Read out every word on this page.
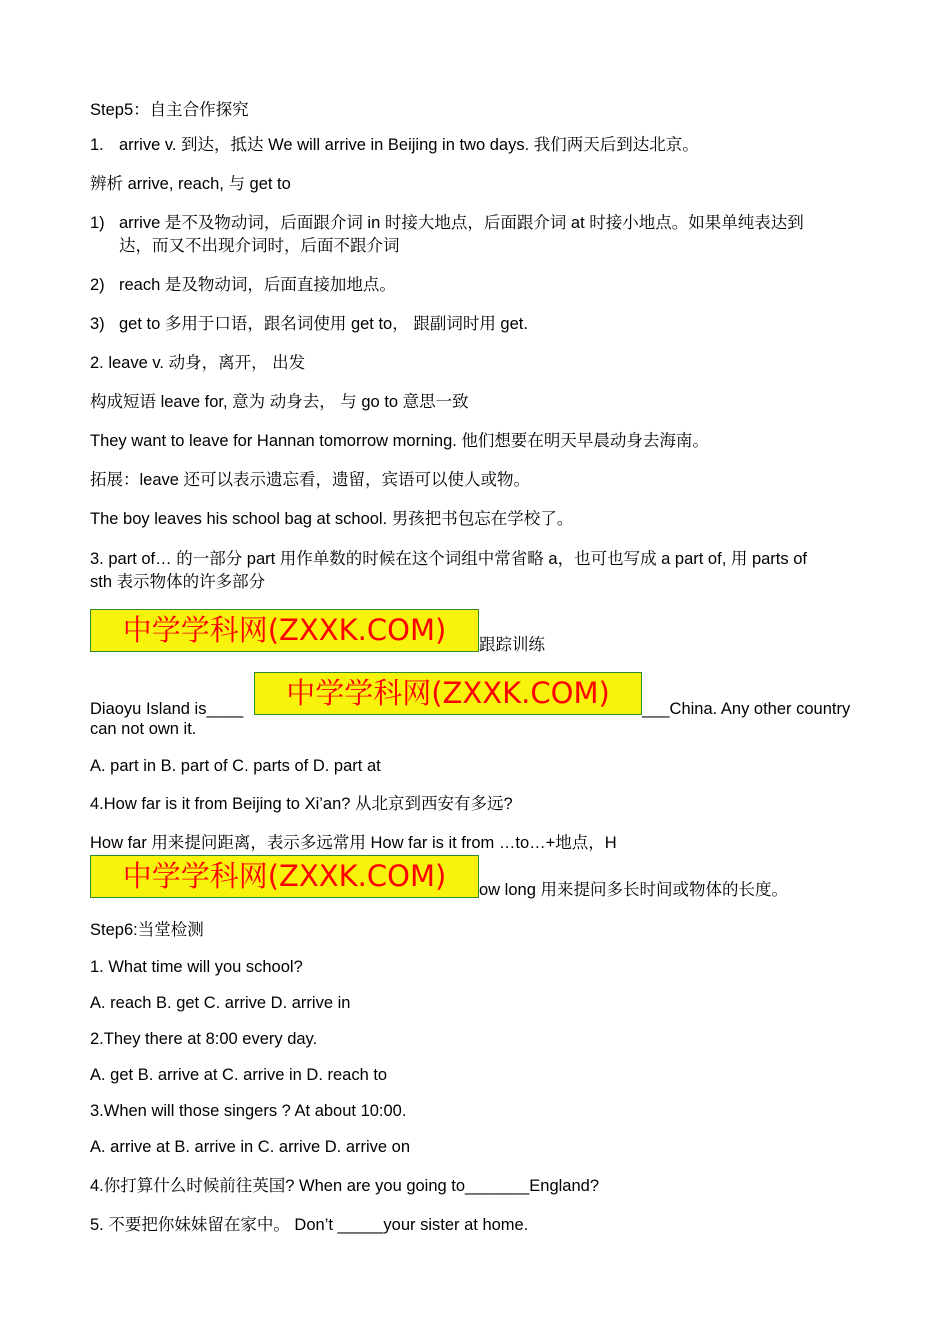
Step5：自主合作探究
1. arrive v. 到达，抵达 We will arrive in Beijing in two days. 我们两天后到达北京。
辨析 arrive, reach, 与 get to
1) arrive 是不及物动词，后面跟介词 in 时接大地点，后面跟介词 at 时接小地点。如果单纯表达到
达，而又不出现介词时，后面不跟介词
2) reach 是及物动词，后面直接加地点。
3) get to 多用于口语，跟名词使用 get to， 跟副词时用 get.
2. leave v. 动身，离开， 出发
构成短语 leave for, 意为 动身去， 与 go to 意思一致
They want to leave for Hannan tomorrow morning. 他们想要在明天早晨动身去海南。
拓展：leave 还可以表示遗忘看，遗留，宾语可以使人或物。
The boy leaves his school bag at school. 男孩把书包忘在学校了。
3. part of… 的一部分 part 用作单数的时候在这个词组中常省略 a，也可也写成 a part of, 用 parts of
sth 表示物体的许多部分
中学学科网(ZXXK.COM)	跟踪训练
Diaoyu Island is____	中学学科网(ZXXK.COM)	___China. Any other country
can not own it.
A. part in B. part of C. parts of D. part at
4.How far is it from Beijing to Xi’an? 从北京到西安有多远?
How far 用来提问距离，表示多远常用 How far is it from …to…+地点，H
中学学科网(ZXXK.COM)	ow long 用来提问多长时间或物体的长度。
Step6:当堂检测
1. What time will you school?
A. reach B. get C. arrive D. arrive in
2.They there at 8:00 every day.
A. get B. arrive at C. arrive in D. reach to
3.When will those singers ? At about 10:00.
A. arrive at B. arrive in C. arrive D. arrive on
4.你打算什么时候前往英国? When are you going to_______England?
5. 不要把你妹妹留在家中。 Don’t _____your sister at home.
